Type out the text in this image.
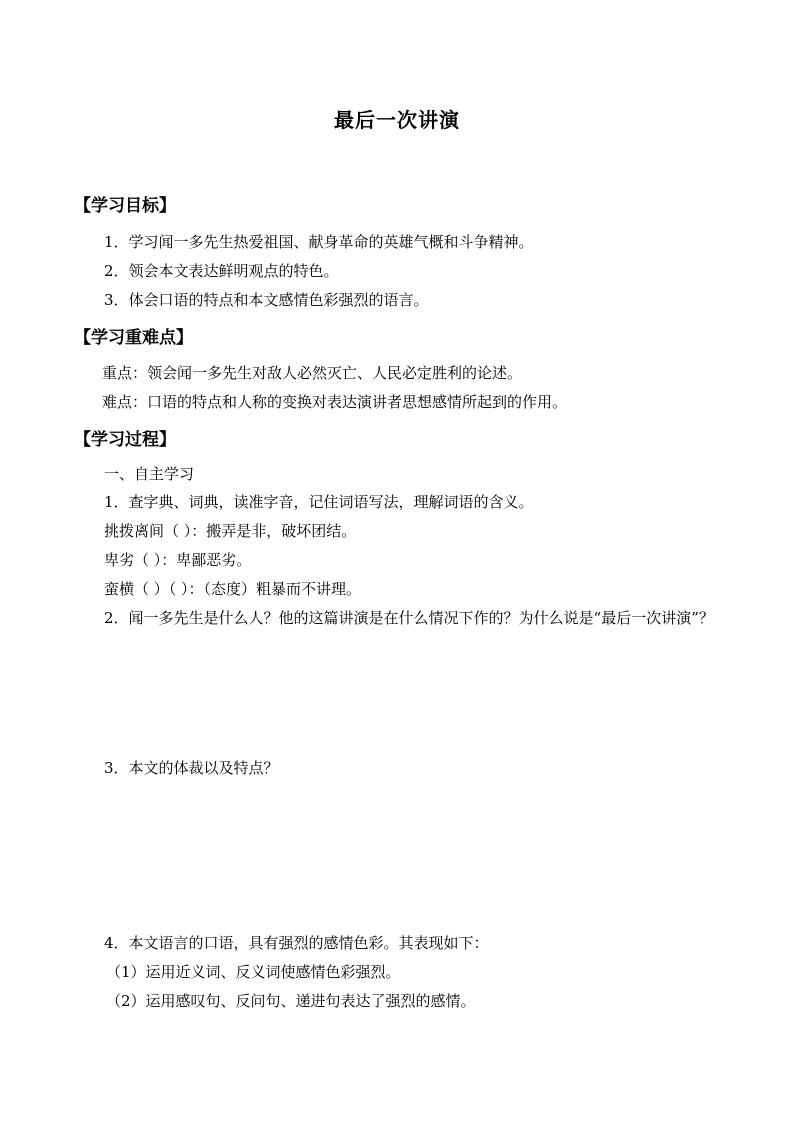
最后一次讲演
【学习目标】
1．学习闻一多先生热爱祖国、献身革命的英雄气概和斗争精神。
2．领会本文表达鲜明观点的特色。
3．体会口语的特点和本文感情色彩强烈的语言。
【学习重难点】
重点：领会闻一多先生对敌人必然灭亡、人民必定胜利的论述。
难点：口语的特点和人称的变换对表达演讲者思想感情所起到的作用。
【学习过程】
一、自主学习
1．查字典、词典，读准字音，记住词语写法，理解词语的含义。
挑拨离间（ ）：搬弄是非，破坏团结。
卑劣（ ）：卑鄙恶劣。
蛮横（ ）（ ）：（态度）粗暴而不讲理。
2．闻一多先生是什么人？他的这篇讲演是在什么情况下作的？为什么说是“最后一次讲演”？
3．本文的体裁以及特点？
4．本文语言的口语，具有强烈的感情色彩。其表现如下：
（1）运用近义词、反义词使感情色彩强烈。
（2）运用感叹句、反问句、递进句表达了强烈的感情。
